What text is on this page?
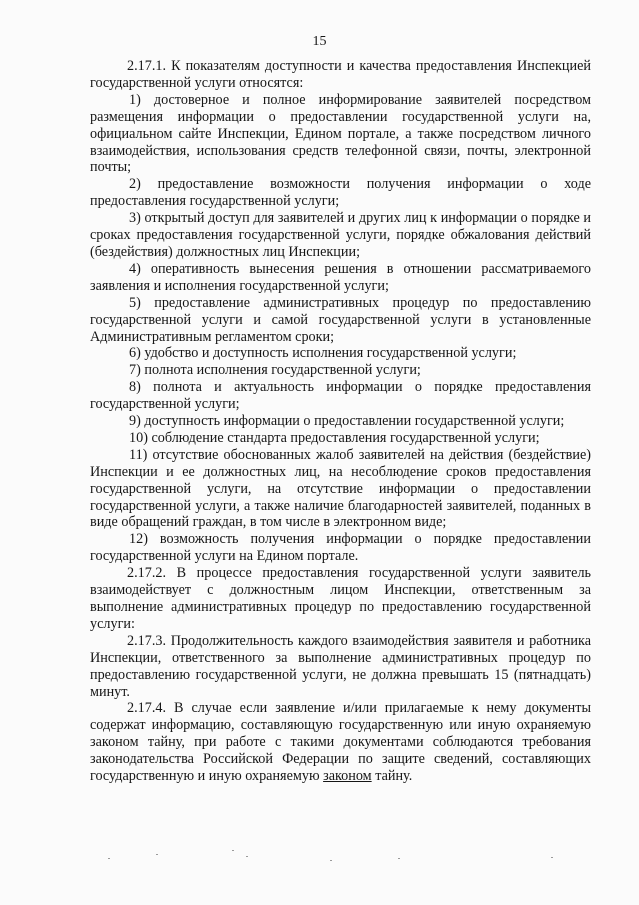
15

2.17.1. К показателям доступности и качества предоставления Инспекцией государственной услуги относятся:

1) достоверное и полное информирование заявителей посредством размещения информации о предоставлении государственной услуги на, официальном сайте Инспекции, Едином портале, а также посредством личного взаимодействия, использования средств телефонной связи, почты, электронной почты;

2) предоставление возможности получения информации о ходе предоставления государственной услуги;

3) открытый доступ для заявителей и других лиц к информации о порядке и сроках предоставления государственной услуги, порядке обжалования действий (бездействия) должностных лиц Инспекции;

4) оперативность вынесения решения в отношении рассматриваемого заявления и исполнения государственной услуги;

5) предоставление административных процедур по предоставлению государственной услуги и самой государственной услуги в установленные Административным регламентом сроки;

6) удобство и доступность исполнения государственной услуги;

7) полнота исполнения государственной услуги;

8) полнота и актуальность информации о порядке предоставления государственной услуги;

9) доступность информации о предоставлении государственной услуги;

10) соблюдение стандарта предоставления государственной услуги;

11) отсутствие обоснованных жалоб заявителей на действия (бездействие) Инспекции и ее должностных лиц, на несоблюдение сроков предоставления государственной услуги, на отсутствие информации о предоставлении государственной услуги, а также наличие благодарностей заявителей, поданных в виде обращений граждан, в том числе в электронном виде;

12) возможность получения информации о порядке предоставлении государственной услуги на Едином портале.

2.17.2. В процессе предоставления государственной услуги заявитель взаимодействует с должностным лицом Инспекции, ответственным за выполнение административных процедур по предоставлению государственной услуги:

2.17.3. Продолжительность каждого взаимодействия заявителя и работника Инспекции, ответственного за выполнение административных процедур по предоставлению государственной услуги, не должна превышать 15 (пятнадцать) минут.

2.17.4. В случае если заявление и/или прилагаемые к нему документы содержат информацию, составляющую государственную или иную охраняемую законом тайну, при работе с такими документами соблюдаются требования законодательства Российской Федерации по защите сведений, составляющих государственную и иную охраняемую законом тайну.
